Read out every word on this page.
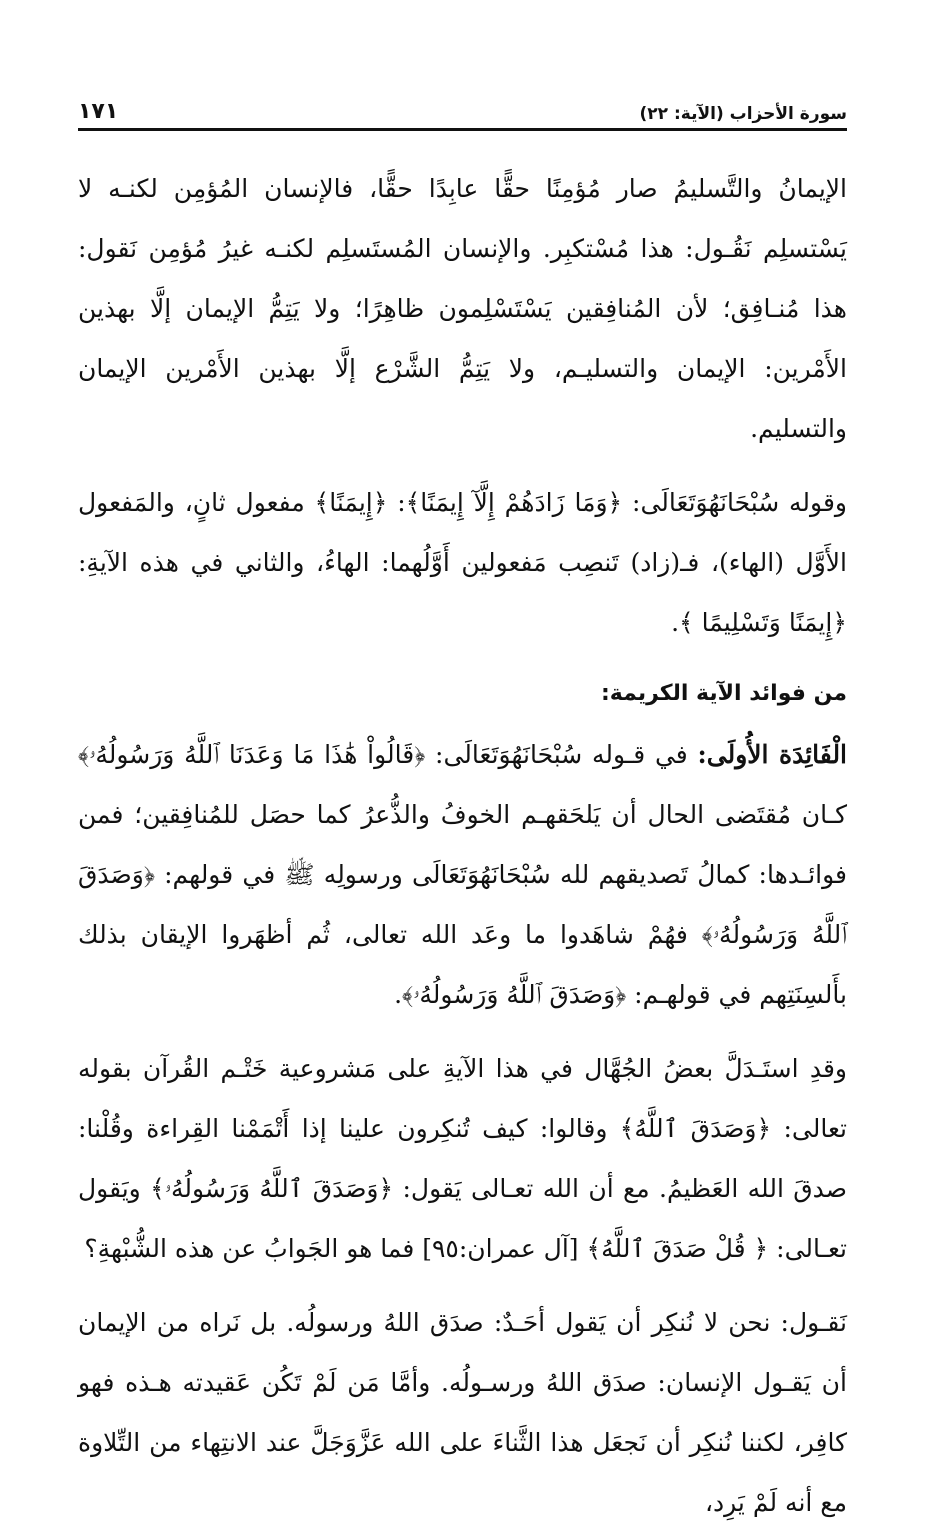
سورة الأحزاب (الآية: ٢٢)
١٧١

الإيمانُ والتَّسليمُ صار مُؤمِنًا حقًّا عابِدًا حقًّا، فالإنسان المُؤمِن لكنـه لا يَسْتسلِم نَقُـول: هذا مُسْتكبِر. والإنسان المُستَسلِم لكنـه غيرُ مُؤمِن نَقول: هذا مُنـافِق؛ لأن المُنافِقين يَسْتَسْلِمون ظاهِرًا؛ ولا يَتِمُّ الإيمان إلَّا بهذين الأَمْرين: الإيمان والتسليـم، ولا يَتِمُّ الشَّرْع إلَّا بهذين الأَمْرين الإيمان والتسليم.

وقوله سُبْحَانَهُوَتَعَالَى: ﴿وَمَا زَادَهُمْ إِلَّآ إِيمَنًا﴾: ﴿إِيمَنًا﴾ مفعول ثانٍ، والمَفعول الأَوَّل (الهاء)، فـ(زاد) تَنصِب مَفعولين أَوَّلُهما: الهاءُ، والثاني في هذه الآيةِ: ﴿إِيمَنًا وَتَسْلِيمًا ﴾.

من فوائد الآية الكريمة:

الْفَائِدَة الأُولَى: في قـوله سُبْحَانَهُوَتَعَالَى: ﴿قَالُواْ هَٰذَا مَا وَعَدَنَا ٱللَّهُ وَرَسُولُهُۥ﴾ كـان مُقتَضى الحال أن يَلحَقهـم الخوفُ والذُّعرُ كما حصَل للمُنافِقين؛ فمن فوائـدها: كمالُ تَصديقهم لله سُبْحَانَهُوَتَعَالَى ورسولِه ﷺ في قولهم: ﴿وَصَدَقَ ٱللَّهُ وَرَسُولُهُۥ﴾ فهُمْ شاهَدوا ما وعَد الله تعالى، ثُم أظهَروا الإيقان بذلك بأَلسِنَتِهم في قولهـم: ﴿وَصَدَقَ ٱللَّهُ وَرَسُولُهُۥ﴾.

وقدِ استَـدَلَّ بعضُ الجُهَّال في هذا الآيةِ على مَشروعية خَتْـم القُرآن بقوله تعالى: ﴿وَصَدَقَ ٱللَّهُ﴾ وقالوا: كيف تُنكِرون علينا إذا أَتْمَمْنا القِراءة وقُلْنا: صدقَ الله العَظيمُ. مع أن الله تعـالى يَقول: ﴿وَصَدَقَ ٱللَّهُ وَرَسُولُهُۥ﴾ ويَقول تعـالى: ﴿ قُلْ صَدَقَ ٱللَّهُ﴾ [آل عمران:٩٥] فما هو الجَوابُ عن هذه الشُّبْهةِ؟

نَقـول: نحن لا نُنكِر أن يَقول أحَـدٌ: صدَق اللهُ ورسولُه. بل نَراه من الإيمان أن يَقـول الإنسان: صدَق اللهُ ورسـولُه. وأمَّا مَن لَمْ تَكُن عَقيدته هـذه فهو كافِر، لكننا نُنكِر أن نَجعَل هذا الثَّناءَ على الله عَزَّوَجَلَّ عند الانتِهاء من التِّلاوة مع أنه لَمْ يَرِد،
